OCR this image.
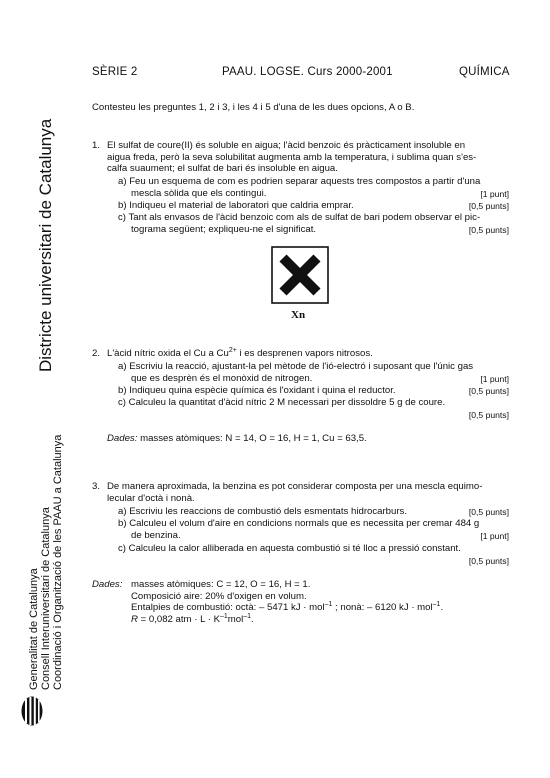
SÈRIE 2	PAAU. LOGSE. Curs 2000-2001	QUÍMICA
Districte universitari de Catalunya
Generalitat de Catalunya Consell Interuniversitari de Catalunya Coordinació i Organització de les PAAU a Catalunya
Contesteu les preguntes 1, 2 i 3, i les 4 i 5 d'una de les dues opcions, A o B.
1. El sulfat de coure(II) és soluble en aigua; l'àcid benzoic és pràcticament insoluble en
aigua freda, però la seva solubilitat augmenta amb la temperatura, i sublima quan s'es-
calfa suaument; el sulfat de bari és insoluble en aigua.
a) Feu un esquema de com es podrien separar aquests tres compostos a partir d'una
mescla sòlida que els contingui.	[1 punt]
b) Indiqueu el material de laboratori que caldria emprar.	[0,5 punts]
c) Tant als envasos de l'àcid benzoic com als de sulfat de bari podem observar el pic-
tograma següent; expliqueu-ne el significat.	[0,5 punts]
Xn
2. L'àcid nítric oxida el Cu a $Cu^{2+}$ i es desprenen vapors nitrosos.
a) Escriviu la reacció, ajustant-la pel mètode de l'ió-electró i suposant que l'únic gas
que es desprèn és el monòxid de nitrogen.	[1 punt]
b) Indiqueu quina espècie química és l'oxidant i quina el reductor.	[0,5 punts]
c) Calculeu la quantitat d'àcid nítric 2 M necessari per dissoldre 5 g de coure.
[0,5 punts]
Dades: masses atòmiques: N = 14, O = 16, H = 1, Cu = 63,5.
3. De manera aproximada, la benzina es pot considerar composta per una mescla equimo-
lecular d'octà i nonà.
a) Escriviu les reaccions de combustió dels esmentats hidrocarburs.	[0,5 punts]
b) Calculeu el volum d'aire en condicions normals que es necessita per cremar 484 g
de benzina.	[1 punt]
c) Calculeu la calor alliberada en aquesta combustió si té lloc a pressió constant.
[0,5 punts]
Dades: masses atòmiques: C = 12, O = 16, H = 1.
Composició aire: 20% d'oxigen en volum.
Entalpies de combustió: octà: – 5471 kJ · mol$^{-1}$ ; nonà: – 6120 kJ · mol$^{-1}$.
R = 0,082 atm · $L \cdot K^{-1}mol^{-1}$.
